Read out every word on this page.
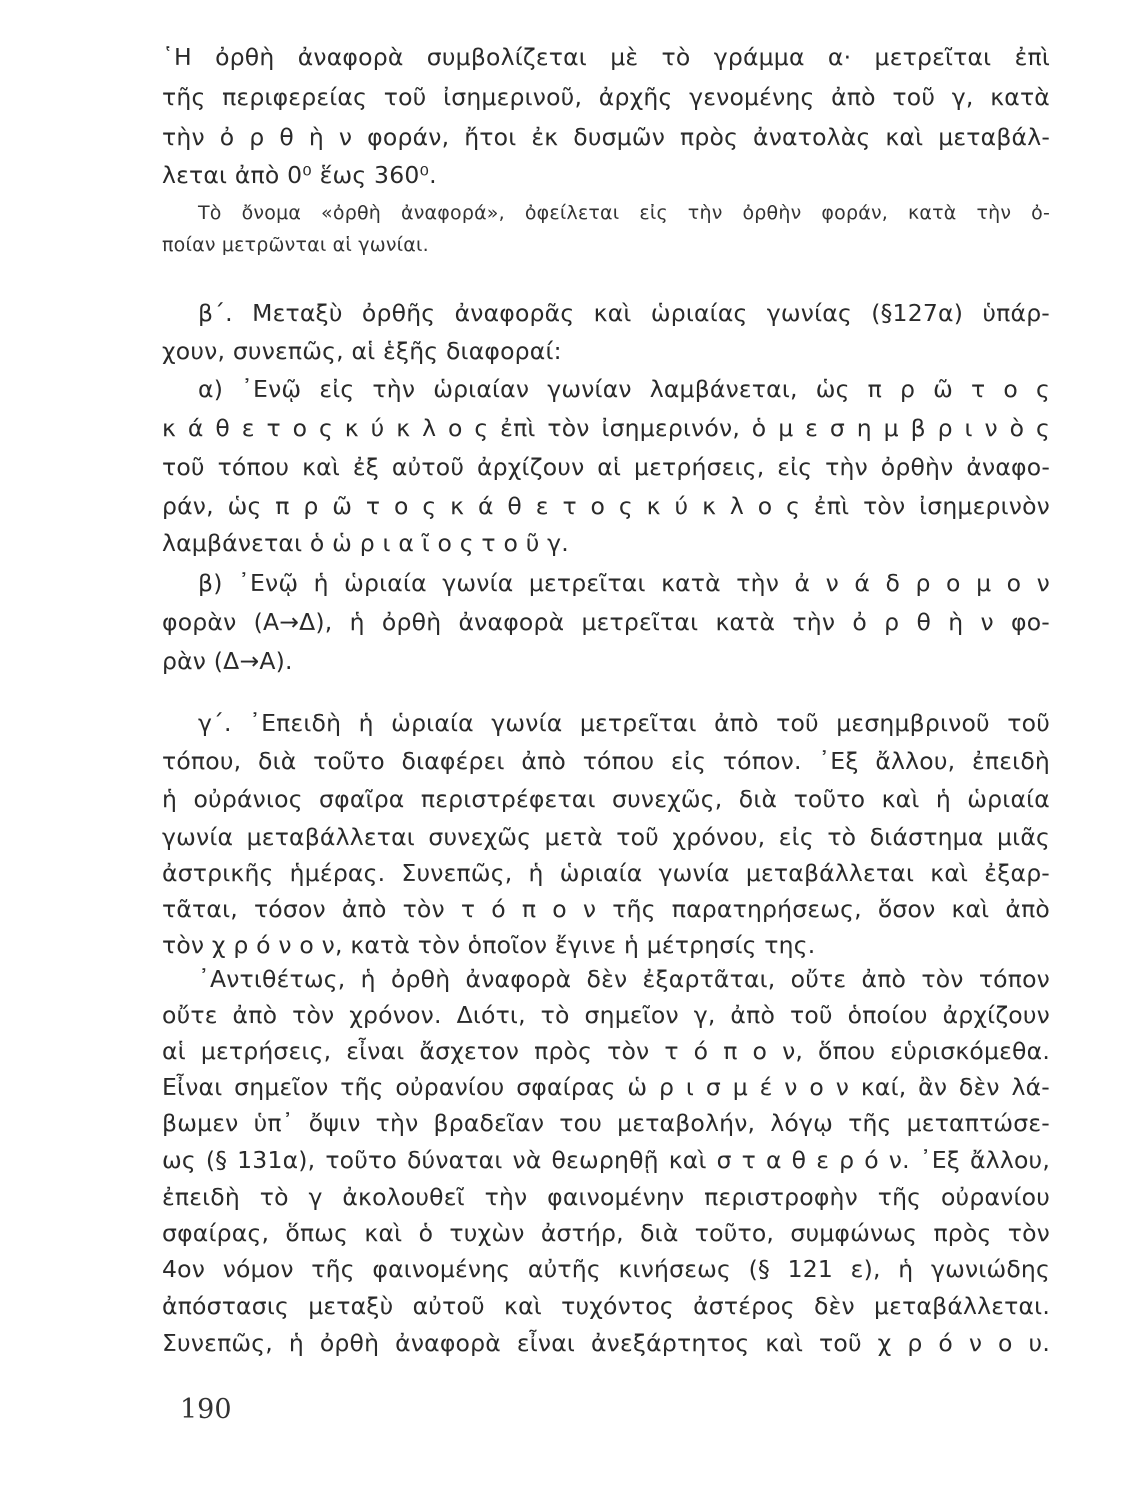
῾Η ὀρθὴ ἀναφορὰ συμβολίζεται μὲ τὸ γράμμα α· μετρεῖται ἐπὶ
τῆς περιφερείας τοῦ ἰσημερινοῦ, ἀρχῆς γενομένης ἀπὸ τοῦ γ, κατὰ
τὴν ὀ ρ θ ὴ ν φοράν, ἤτοι ἐκ δυσμῶν πρὸς ἀνατολὰς καὶ μεταβάλ-
λεται ἀπὸ 0⁰ ἕως 360⁰.
Τὸ ὄνομα «ὀρθὴ ἀναφορά», ὀφείλεται εἰς τὴν ὀρθὴν φοράν, κατὰ τὴν ὀ-
ποίαν μετρῶνται αἱ γωνίαι.
β΄. Μεταξὺ ὀρθῆς ἀναφορᾶς καὶ ὡριαίας γωνίας (§127α) ὑπάρ-
χουν, συνεπῶς, αἱ ἑξῆς διαφοραί:
α) ᾿Ενῷ εἰς τὴν ὡριαίαν γωνίαν λαμβάνεται, ὡς π ρ ῶ τ ο ς
κ ά θ ε τ ο ς κ ύ κ λ ο ς ἐπὶ τὸν ἰσημερινόν, ὁ μ ε σ η μ β ρ ι ν ὸ ς
τοῦ τόπου καὶ ἐξ αὐτοῦ ἀρχίζουν αἱ μετρήσεις, εἰς τὴν ὀρθὴν ἀναφο-
ράν, ὡς π ρ ῶ τ ο ς κ ά θ ε τ ο ς κ ύ κ λ ο ς ἐπὶ τὸν ἰσημερινὸν
λαμβάνεται ὁ ὡ ρ ι α ῖ ο ς τ ο ῦ γ.
β) ᾿Ενῷ ἡ ὡριαία γωνία μετρεῖται κατὰ τὴν ἀ ν ά δ ρ ο μ ο ν
φορὰν (Α→Δ), ἡ ὀρθὴ ἀναφορὰ μετρεῖται κατὰ τὴν ὀ ρ θ ὴ ν φο-
ρὰν (Δ→Α).
γ΄. ᾿Επειδὴ ἡ ὡριαία γωνία μετρεῖται ἀπὸ τοῦ μεσημβρινοῦ τοῦ
τόπου, διὰ τοῦτο διαφέρει ἀπὸ τόπου εἰς τόπον. ᾿Εξ ἄλλου, ἐπειδὴ
ἡ οὐράνιος σφαῖρα περιστρέφεται συνεχῶς, διὰ τοῦτο καὶ ἡ ὡριαία
γωνία μεταβάλλεται συνεχῶς μετὰ τοῦ χρόνου, εἰς τὸ διάστημα μιᾶς
ἀστρικῆς ἡμέρας. Συνεπῶς, ἡ ὡριαία γωνία μεταβάλλεται καὶ ἐξαρ-
τᾶται, τόσον ἀπὸ τὸν τ ό π ο ν τῆς παρατηρήσεως, ὅσον καὶ ἀπὸ
τὸν χ ρ ό ν ο ν, κατὰ τὸν ὁποῖον ἔγινε ἡ μέτρησίς της.
᾿Αντιθέτως, ἡ ὀρθὴ ἀναφορὰ δὲν ἐξαρτᾶται, οὔτε ἀπὸ τὸν τόπον
οὔτε ἀπὸ τὸν χρόνον. Διότι, τὸ σημεῖον γ, ἀπὸ τοῦ ὁποίου ἀρχίζουν
αἱ μετρήσεις, εἶναι ἄσχετον πρὸς τὸν τ ό π ο ν, ὅπου εὑρισκόμεθα.
Εἶναι σημεῖον τῆς οὐρανίου σφαίρας ὡ ρ ι σ μ έ ν ο ν καί, ἂν δὲν λά-
βωμεν ὑπ᾿ ὄψιν τὴν βραδεῖαν του μεταβολήν, λόγῳ τῆς μεταπτώσε-
ως (§ 131α), τοῦτο δύναται νὰ θεωρηθῇ καὶ σ τ α θ ε ρ ό ν. ᾿Εξ ἄλλου,
ἐπειδὴ τὸ γ ἀκολουθεῖ τὴν φαινομένην περιστροφὴν τῆς οὐρανίου
σφαίρας, ὅπως καὶ ὁ τυχὼν ἀστήρ, διὰ τοῦτο, συμφώνως πρὸς τὸν
4ον νόμον τῆς φαινομένης αὐτῆς κινήσεως (§ 121 ε), ἡ γωνιώδης
ἀπόστασις μεταξὺ αὐτοῦ καὶ τυχόντος ἀστέρος δὲν μεταβάλλεται.
Συνεπῶς, ἡ ὀρθὴ ἀναφορὰ εἶναι ἀνεξάρτητος καὶ τοῦ χ ρ ό ν ο υ.
190
